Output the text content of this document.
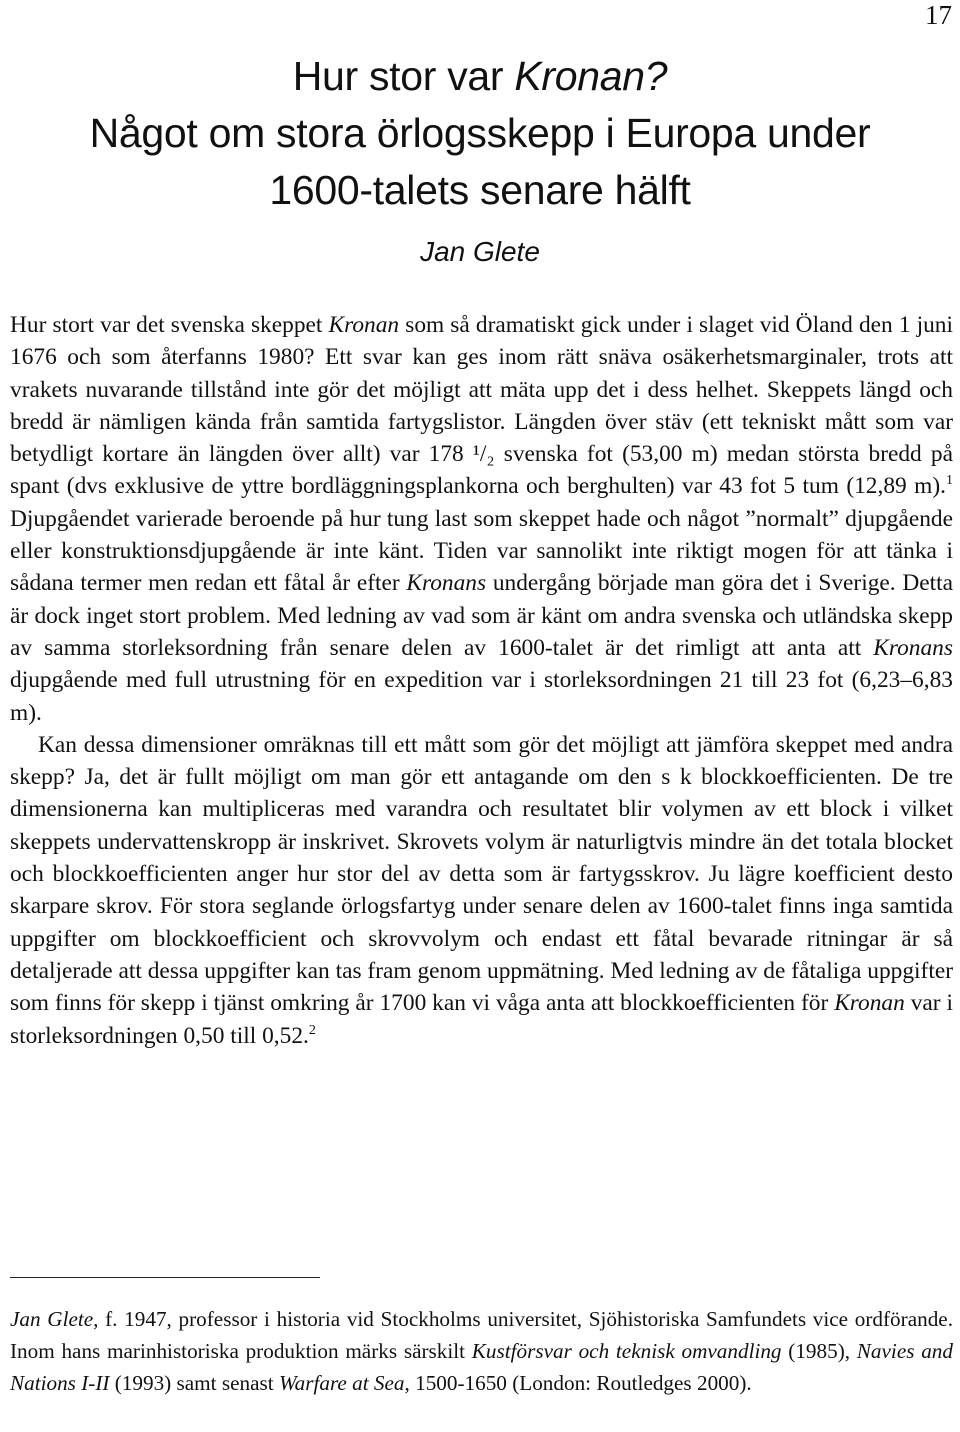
17
Hur stor var Kronan?
Något om stora örlogsskepp i Europa under
1600-talets senare hälft
Jan Glete

Hur stort var det svenska skeppet Kronan som så dramatiskt gick under i slaget vid Öland den 1 juni 1676 och som återfanns 1980? Ett svar kan ges inom rätt snäva osäkerhetsmarginaler, trots att vrakets nuvarande tillstånd inte gör det möjligt att mäta upp det i dess helhet. Skeppets längd och bredd är nämligen kända från samtida fartygslistor. Längden över stäv (ett tekniskt mått som var betydligt kortare än längden över allt) var 178 ¹/₂ svenska fot (53,00 m) medan största bredd på spant (dvs exklusive de yttre bordläggningsplankorna och berghulten) var 43 fot 5 tum (12,89 m).$^1$ Djupgåendet varierade beroende på hur tung last som skeppet hade och något ”normalt” djupgående eller konstruktionsdjupgående är inte känt. Tiden var sannolikt inte riktigt mogen för att tänka i sådana termer men redan ett fåtal år efter Kronans undergång började man göra det i Sverige. Detta är dock inget stort problem. Med ledning av vad som är känt om andra svenska och utländska skepp av samma storleksordning från senare delen av 1600-talet är det rimligt att anta att Kronans djupgående med full utrustning för en expedition var i storleksordningen 21 till 23 fot (6,23–6,83 m).

Kan dessa dimensioner omräknas till ett mått som gör det möjligt att jämföra skeppet med andra skepp? Ja, det är fullt möjligt om man gör ett antagande om den s k blockkoefficienten. De tre dimensionerna kan multipliceras med varandra och resultatet blir volymen av ett block i vilket skeppets undervattenskropp är inskrivet. Skrovets volym är naturligtvis mindre än det totala blocket och blockkoefficienten anger hur stor del av detta som är fartygsskrov. Ju lägre koefficient desto skarpare skrov. För stora seglande örlogsfartyg under senare delen av 1600-talet finns inga samtida uppgifter om blockkoefficient och skrovvolym och endast ett fåtal bevarade ritningar är så detaljerade att dessa uppgifter kan tas fram genom uppmätning. Med ledning av de fåtaliga uppgifter som finns för skepp i tjänst omkring år 1700 kan vi våga anta att blockkoefficienten för Kronan var i storleksordningen 0,50 till 0,52.$^2$

Jan Glete, f. 1947, professor i historia vid Stockholms universitet, Sjöhistoriska Samfundets vice ordförande. Inom hans marinhistoriska produktion märks särskilt Kustförsvar och teknisk omvandling (1985), Navies and Nations I-II (1993) samt senast Warfare at Sea, 1500-1650 (London: Routledges 2000).
